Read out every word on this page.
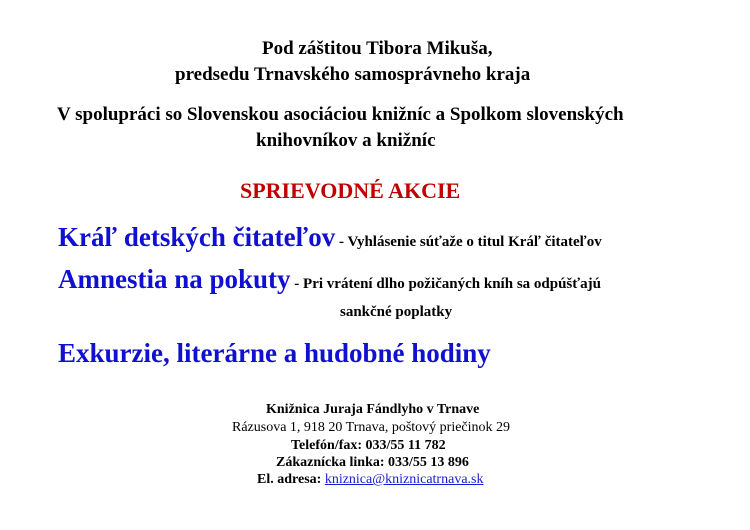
Pod záštitou Tibora Mikuša,
predsedu Trnavského samosprávneho kraja
V spolupráci so Slovenskou asociáciou knižníc a Spolkom slovenských
knihovníkov a knižníc
SPRIEVODNÉ AKCIE
Kráľ detských čitateľov - Vyhlásenie súťaže o titul Kráľ čitateľov
Amnestia na pokuty - Pri vrátení dlho požičaných kníh sa odpúšťajú
sankčné poplatky
Exkurzie, literárne a hudobné hodiny
Knižnica Juraja Fándlyho v Trnave
Rázusova 1, 918 20 Trnava, poštový priečinok 29
Telefón/fax: 033/55 11 782
Zákaznícka linka: 033/55 13 896
El. adresa: kniznica@kniznicatrnava.sk
